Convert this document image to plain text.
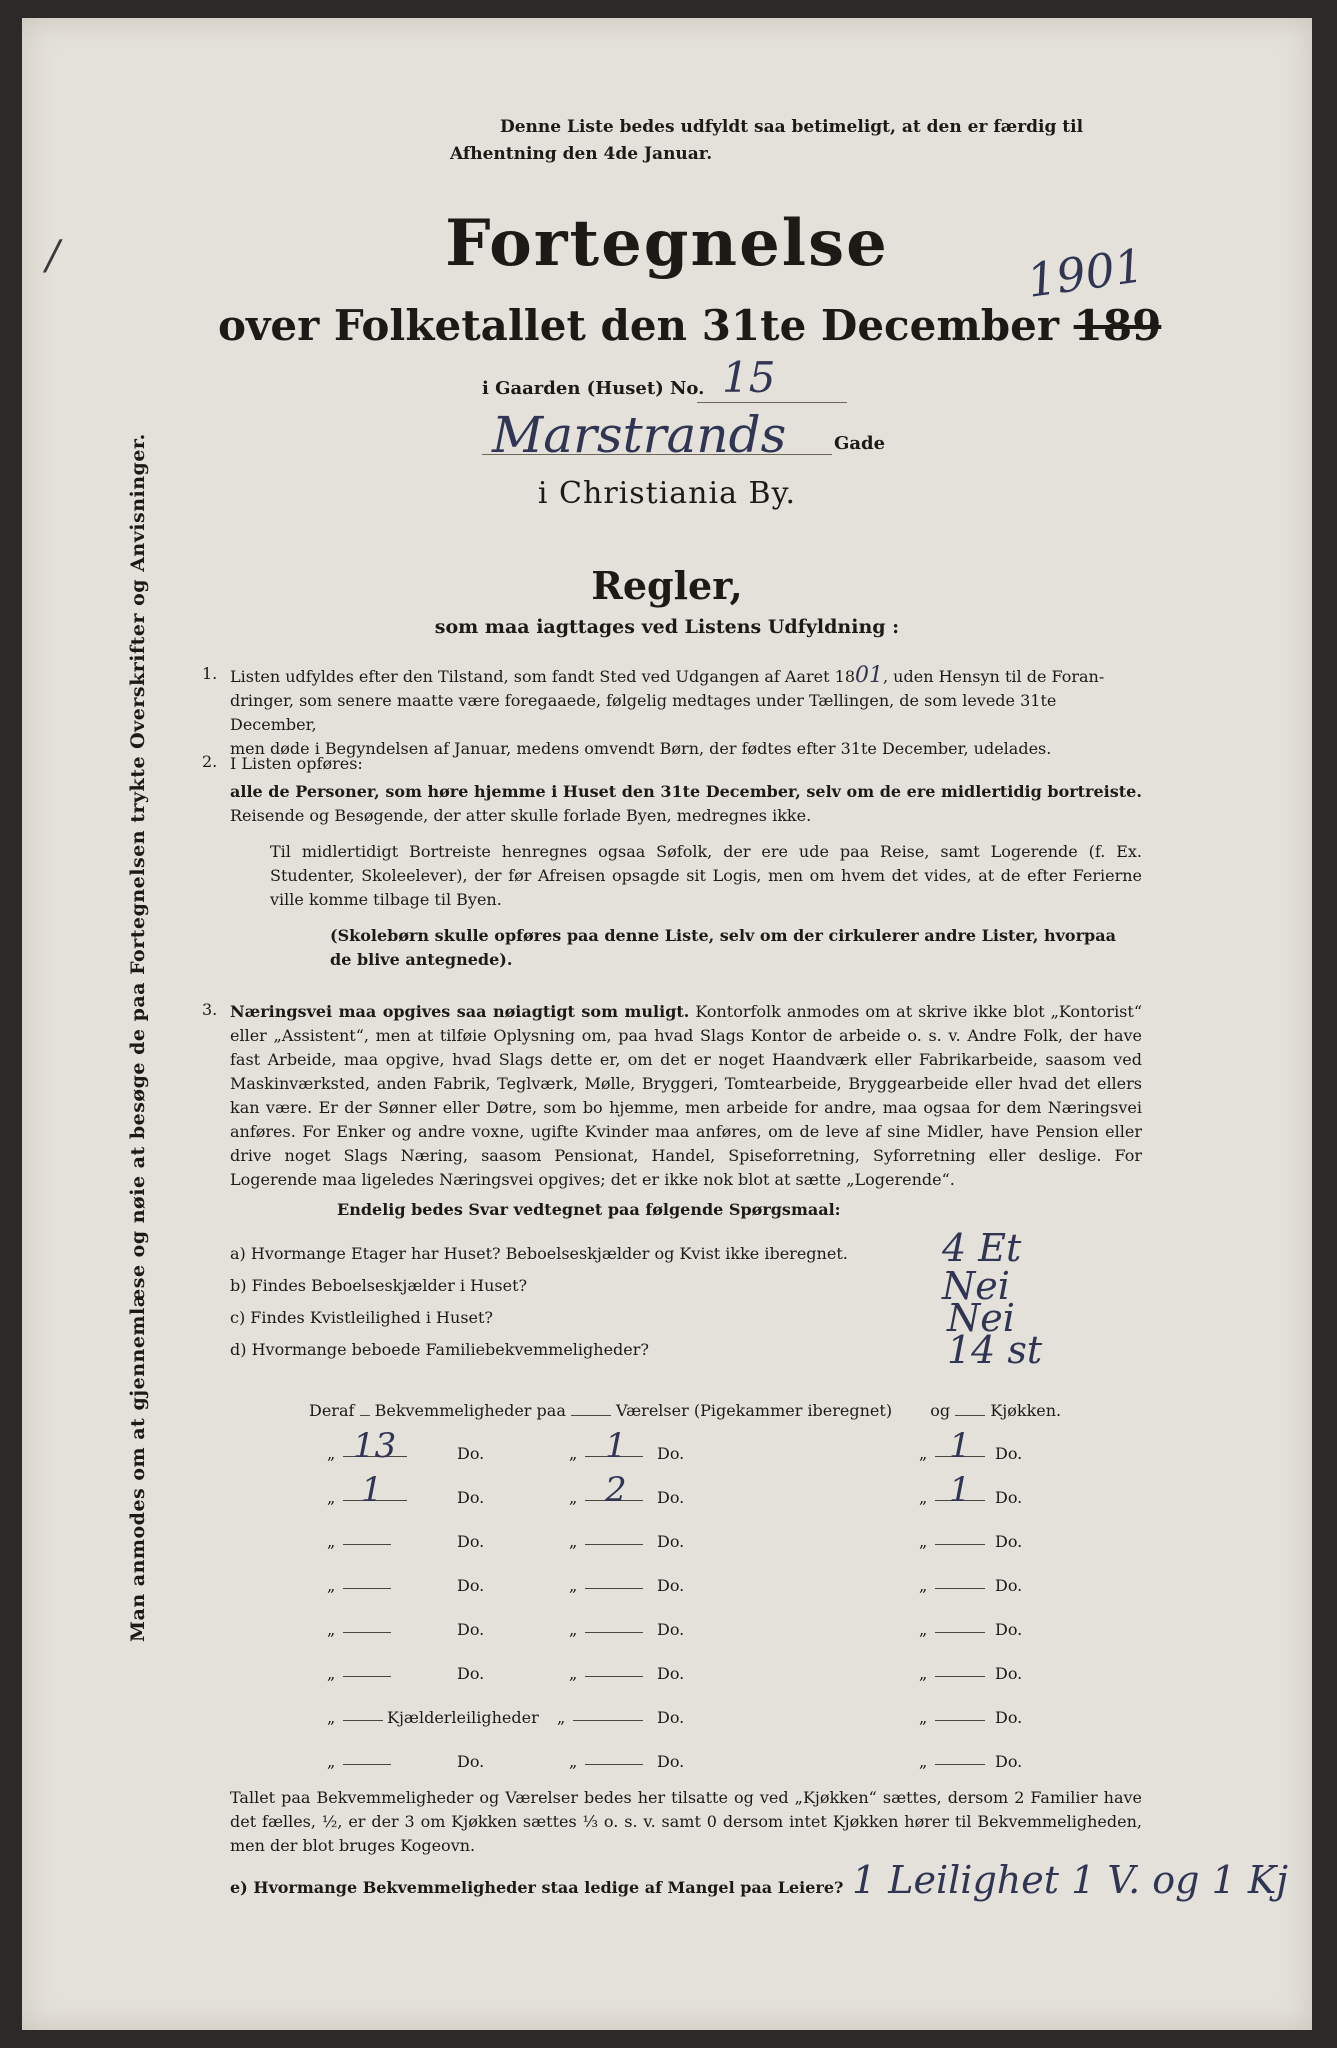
/
Man anmodes om at gjennemlæse og nøie at besøge de paa Fortegnelsen trykte Overskrifter og Anvisninger.
Denne Liste bedes udfyldt saa betimeligt, at den er færdig til
Afhentning den 4de Januar.
Fortegnelse
over Folketallet den 31te December 189
1901
i Gaarden (Huset) No. 15
Marstrands	Gade
i Christiania By.
Regler,
som maa iagttages ved Listens Udfyldning :
1. Listen udfyldes efter den Tilstand, som fandt Sted ved Udgangen af Aaret 1801, uden Hensyn til de Foran-
dringer, som senere maatte være foregaaede, følgelig medtages under Tællingen, de som levede 31te December,
men døde i Begyndelsen af Januar, medens omvendt Børn, der fødtes efter 31te December, udelades.
2. I Listen opføres:
alle de Personer, som høre hjemme i Huset den 31te December, selv om de ere midlertidig bortreiste. Reisende og Besøgende, der atter skulle forlade Byen, medregnes ikke.
Til midlertidigt Bortreiste henregnes ogsaa Søfolk, der ere ude paa Reise, samt Logerende (f. Ex. Studenter, Skoleelever), der før Afreisen opsagde sit Logis, men om hvem det vides, at de efter Ferierne ville komme tilbage til Byen.
(Skolebørn skulle opføres paa denne Liste, selv om der cirkulerer andre Lister, hvorpaa de blive antegnede).
3. Næringsvei maa opgives saa nøiagtigt som muligt. Kontorfolk anmodes om at skrive ikke blot „Kontorist“ eller „Assistent“, men at tilføie Oplysning om, paa hvad Slags Kontor de arbeide o. s. v. Andre Folk, der have fast Arbeide, maa opgive, hvad Slags dette er, om det er noget Haandværk eller Fabrikarbeide, saasom ved Maskinværksted, anden Fabrik, Teglværk, Mølle, Bryggeri, Tomtearbeide, Bryggearbeide eller hvad det ellers kan være. Er der Sønner eller Døtre, som bo hjemme, men arbeide for andre, maa ogsaa for dem Næringsvei anføres. For Enker og andre voxne, ugifte Kvinder maa anføres, om de leve af sine Midler, have Pension eller drive noget Slags Næring, saasom Pensionat, Handel, Spiseforretning, Syforretning eller deslige. For Logerende maa ligeledes Næringsvei opgives; det er ikke nok blot at sætte „Logerende“.
Endelig bedes Svar vedtegnet paa følgende Spørgsmaal:
a) Hvormange Etager har Huset? Beboelseskjælder og Kvist ikke iberegnet. 4 Et
b) Findes Beboelseskjælder i Huset?	Nei
c) Findes Kvistleilighed i Huset?	Nei
d) Hvormange beboede Familiebekvemmeligheder?	14 st
Deraf Bekvemmeligheder paa	Værelser (Pigekammer iberegnet) og	Kjøkken.
„ 13	Do.	„ 1 Do.	„ 1 Do.
„ 1	Do.	„ 2 Do.	„ 1 Do.
„	Do.	„	Do.	„	Do.
„	Do.	„	Do.	„	Do.
„	Do.	„	Do.	„	Do.
„	Do.	„	Do.	„	Do.
„	Kjælderleiligheder „	Do.	„	Do.
„	Do.	„	Do.	„	Do.
Tallet paa Bekvemmeligheder og Værelser bedes her tilsatte og ved „Kjøkken“ sættes, dersom 2 Familier have det fælles, ½, er der 3 om Kjøkken sættes ⅓ o. s. v. samt 0 dersom intet Kjøkken hører til Bekvemmeligheden, men der blot bruges Kogeovn.
e) Hvormange Bekvemmeligheder staa ledige af Mangel paa Leiere? 1 Leilighet 1 V. og 1 Kj
